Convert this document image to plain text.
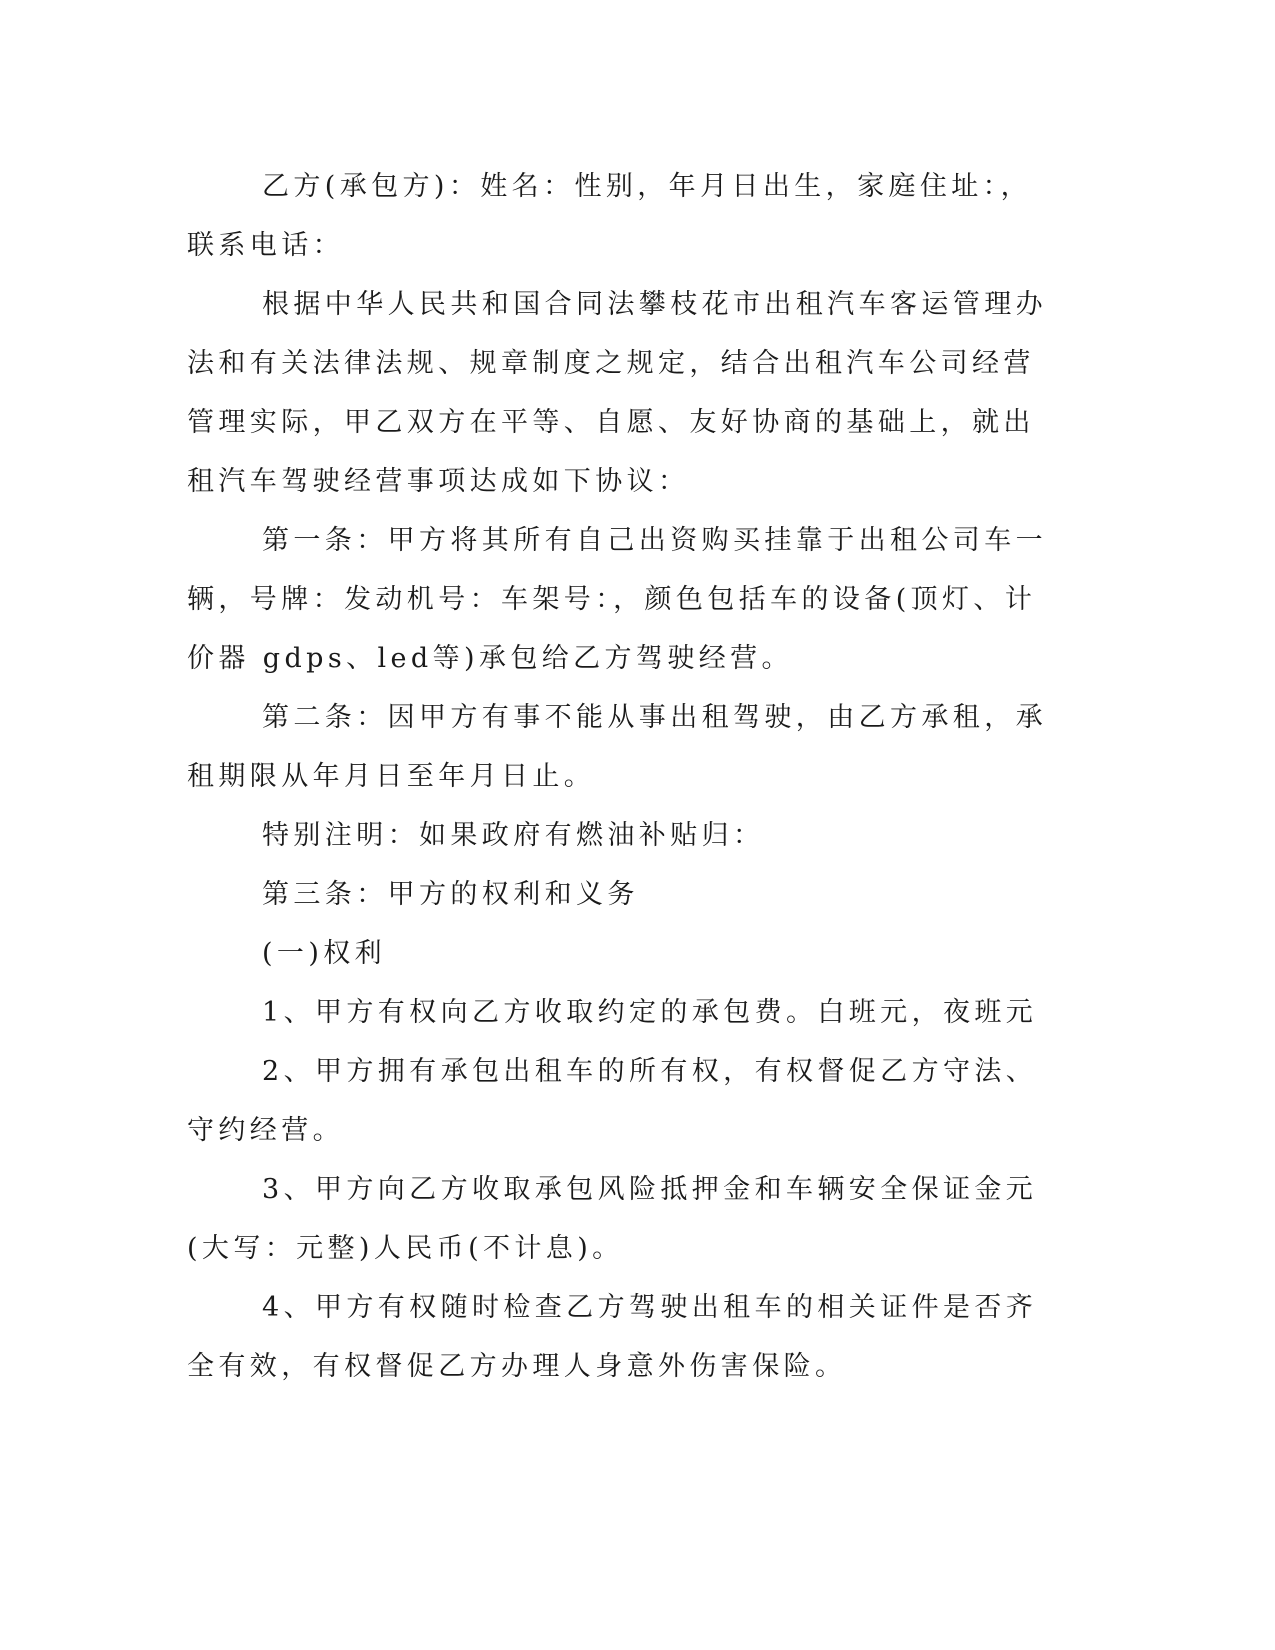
乙方(承包方)：姓名：性别，年月日出生，家庭住址：，联系电话：

根据中华人民共和国合同法攀枝花市出租汽车客运管理办法和有关法律法规、规章制度之规定，结合出租汽车公司经营管理实际，甲乙双方在平等、自愿、友好协商的基础上，就出租汽车驾驶经营事项达成如下协议：

第一条：甲方将其所有自己出资购买挂靠于出租公司车一辆，号牌：发动机号：车架号：，颜色包括车的设备(顶灯、计价器 gdps、led等)承包给乙方驾驶经营。

第二条：因甲方有事不能从事出租驾驶，由乙方承租，承租期限从年月日至年月日止。

特别注明：如果政府有燃油补贴归：

第三条：甲方的权利和义务

(一)权利

1、甲方有权向乙方收取约定的承包费。白班元，夜班元

2、甲方拥有承包出租车的所有权，有权督促乙方守法、守约经营。

3、甲方向乙方收取承包风险抵押金和车辆安全保证金元(大写：元整)人民币(不计息)。

4、甲方有权随时检查乙方驾驶出租车的相关证件是否齐全有效，有权督促乙方办理人身意外伤害保险。
